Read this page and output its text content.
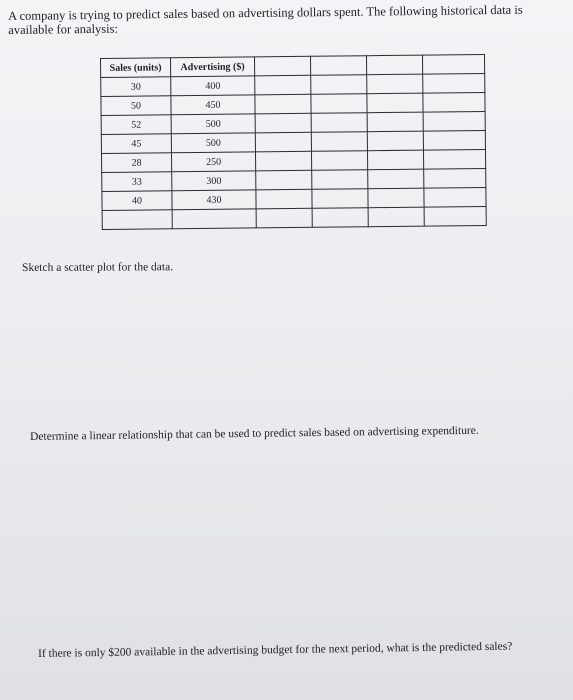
A company is trying to predict sales based on advertising dollars spent. The following historical data is available for analysis:
Sales (units)	Advertising ($)				
30	400				
50	450				
52	500				
45	500				
28	250				
33	300				
40	430				

Sketch a scatter plot for the data.
Determine a linear relationship that can be used to predict sales based on advertising expenditure.
If there is only $200 available in the advertising budget for the next period, what is the predicted sales?
